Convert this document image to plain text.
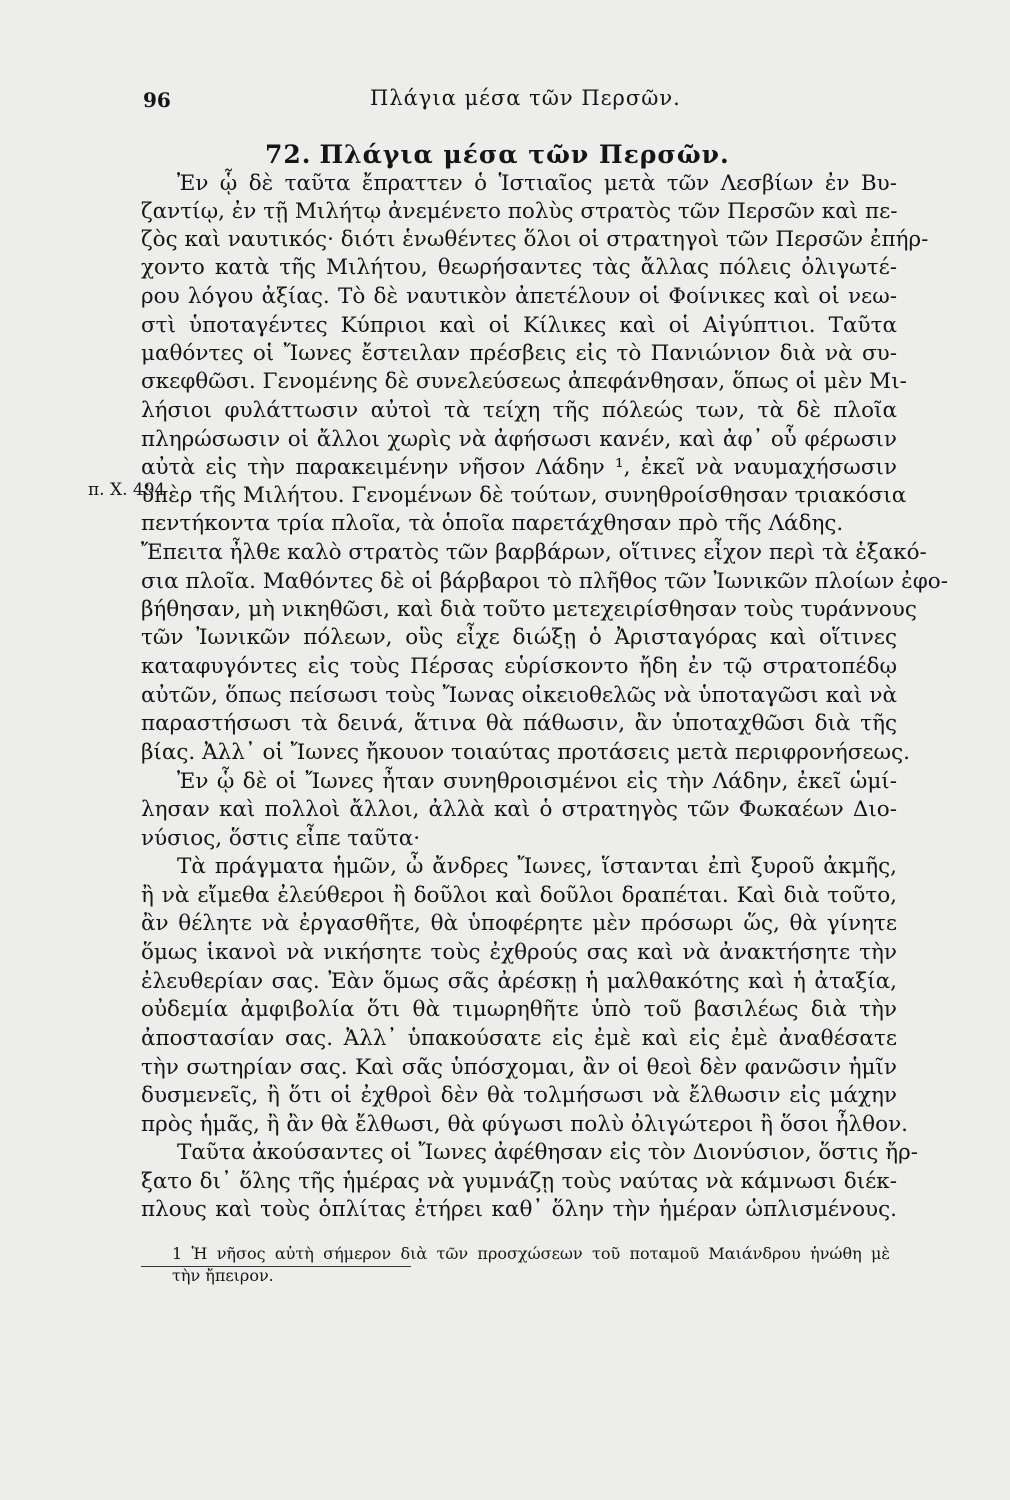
96	Πλάγια μέσα τῶν Περσῶν.
72. Πλάγια μέσα τῶν Περσῶν.
π. Χ. 494
Ἐν ᾧ δὲ ταῦτα ἔπραττεν ὁ Ἱστιαῖος μετὰ τῶν Λεσβίων ἐν Βυ-
ζαντίῳ, ἐν τῇ Μιλήτῳ ἀνεμένετο πολὺς στρατὸς τῶν Περσῶν καὶ πε-
ζὸς καὶ ναυτικός· διότι ἑνωθέντες ὅλοι οἱ στρατηγοὶ τῶν Περσῶν ἐπήρ-
χοντο κατὰ τῆς Μιλήτου, θεωρήσαντες τὰς ἄλλας πόλεις ὀλιγωτέ-
ρου λόγου ἀξίας. Τὸ δὲ ναυτικὸν ἀπετέλουν οἱ Φοίνικες καὶ οἱ νεω-
στὶ ὑποταγέντες Κύπριοι καὶ οἱ Κίλικες καὶ οἱ Αἰγύπτιοι. Ταῦτα
μαθόντες οἱ Ἴωνες ἔστειλαν πρέσβεις εἰς τὸ Πανιώνιον διὰ νὰ συ-
σκεφθῶσι. Γενομένης δὲ συνελεύσεως ἀπεφάνθησαν, ὅπως οἱ μὲν Μι-
λήσιοι φυλάττωσιν αὐτοὶ τὰ τείχη τῆς πόλεώς των, τὰ δὲ πλοῖα
πληρώσωσιν οἱ ἄλλοι χωρὶς νὰ ἀφήσωσι κανέν, καὶ ἀφ᾽ οὗ φέρωσιν
αὐτὰ εἰς τὴν παρακειμένην νῆσον Λάδην ¹, ἐκεῖ νὰ ναυμαχήσωσιν
ὑπὲρ τῆς Μιλήτου. Γενομένων δὲ τούτων, συνηθροίσθησαν τριακόσια
πεντήκοντα τρία πλοῖα, τὰ ὁποῖα παρετάχθησαν πρὸ τῆς Λάδης.
Ἔπειτα ἦλθε καλὸ στρατὸς τῶν βαρβάρων, οἵτινες εἶχον περὶ τὰ ἑξακό-
σια πλοῖα. Μαθόντες δὲ οἱ βάρβαροι τὸ πλῆθος τῶν Ἰωνικῶν πλοίων ἐφο-
βήθησαν, μὴ νικηθῶσι, καὶ διὰ τοῦτο μετεχειρίσθησαν τοὺς τυράννους
τῶν Ἰωνικῶν πόλεων, οὓς εἶχε διώξῃ ὁ Ἀρισταγόρας καὶ οἵτινες
καταφυγόντες εἰς τοὺς Πέρσας εὑρίσκοντο ἤδη ἐν τῷ στρατοπέδῳ
αὐτῶν, ὅπως πείσωσι τοὺς Ἴωνας οἰκειοθελῶς νὰ ὑποταγῶσι καὶ νὰ
παραστήσωσι τὰ δεινά, ἅτινα θὰ πάθωσιν, ἂν ὑποταχθῶσι διὰ τῆς
βίας. Ἀλλ᾽ οἱ Ἴωνες ἤκουον τοιαύτας προτάσεις μετὰ περιφρονήσεως.
Ἐν ᾧ δὲ οἱ Ἴωνες ἦταν συνηθροισμένοι εἰς τὴν Λάδην, ἐκεῖ ὡμί-
λησαν καὶ πολλοὶ ἄλλοι, ἀλλὰ καὶ ὁ στρατηγὸς τῶν Φωκαέων Διο-
νύσιος, ὅστις εἶπε ταῦτα·
Τὰ πράγματα ἡμῶν, ὦ ἄνδρες Ἴωνες, ἵστανται ἐπὶ ξυροῦ ἀκμῆς,
ἢ νὰ εἴμεθα ἐλεύθεροι ἢ δοῦλοι καὶ δοῦλοι δραπέται. Καὶ διὰ τοῦτο,
ἂν θέλητε νὰ ἐργασθῆτε, θὰ ὑποφέρητε μὲν πρόσωρι ὥς, θὰ γίνητε
ὅμως ἱκανοὶ νὰ νικήσητε τοὺς ἐχθρούς σας καὶ νὰ ἀνακτήσητε τὴν
ἐλευθερίαν σας. Ἐὰν ὅμως σᾶς ἀρέσκῃ ἡ μαλθακότης καὶ ἡ ἀταξία,
οὐδεμία ἀμφιβολία ὅτι θὰ τιμωρηθῆτε ὑπὸ τοῦ βασιλέως διὰ τὴν
ἀποστασίαν σας. Ἀλλ᾽ ὑπακούσατε εἰς ἐμὲ καὶ εἰς ἐμὲ ἀναθέσατε
τὴν σωτηρίαν σας. Καὶ σᾶς ὑπόσχομαι, ἂν οἱ θεοὶ δὲν φανῶσιν ἡμῖν
δυσμενεῖς, ἢ ὅτι οἱ ἐχθροὶ δὲν θὰ τολμήσωσι νὰ ἔλθωσιν εἰς μάχην
πρὸς ἡμᾶς, ἢ ἂν θὰ ἔλθωσι, θὰ φύγωσι πολὺ ὀλιγώτεροι ἢ ὅσοι ἦλθον.
Ταῦτα ἀκούσαντες οἱ Ἴωνες ἀφέθησαν εἰς τὸν Διονύσιον, ὅστις ἤρ-
ξατο δι᾽ ὅλης τῆς ἡμέρας νὰ γυμνάζῃ τοὺς ναύτας νὰ κάμνωσι διέκ-
πλους καὶ τοὺς ὁπλίτας ἐτήρει καθ᾽ ὅλην τὴν ἡμέραν ὡπλισμένους.
1 Ἡ νῆσος αὐτὴ σήμερον διὰ τῶν προσχώσεων τοῦ ποταμοῦ Μαιάνδρου ἡνώθη μὲ
τὴν ἤπειρον.
